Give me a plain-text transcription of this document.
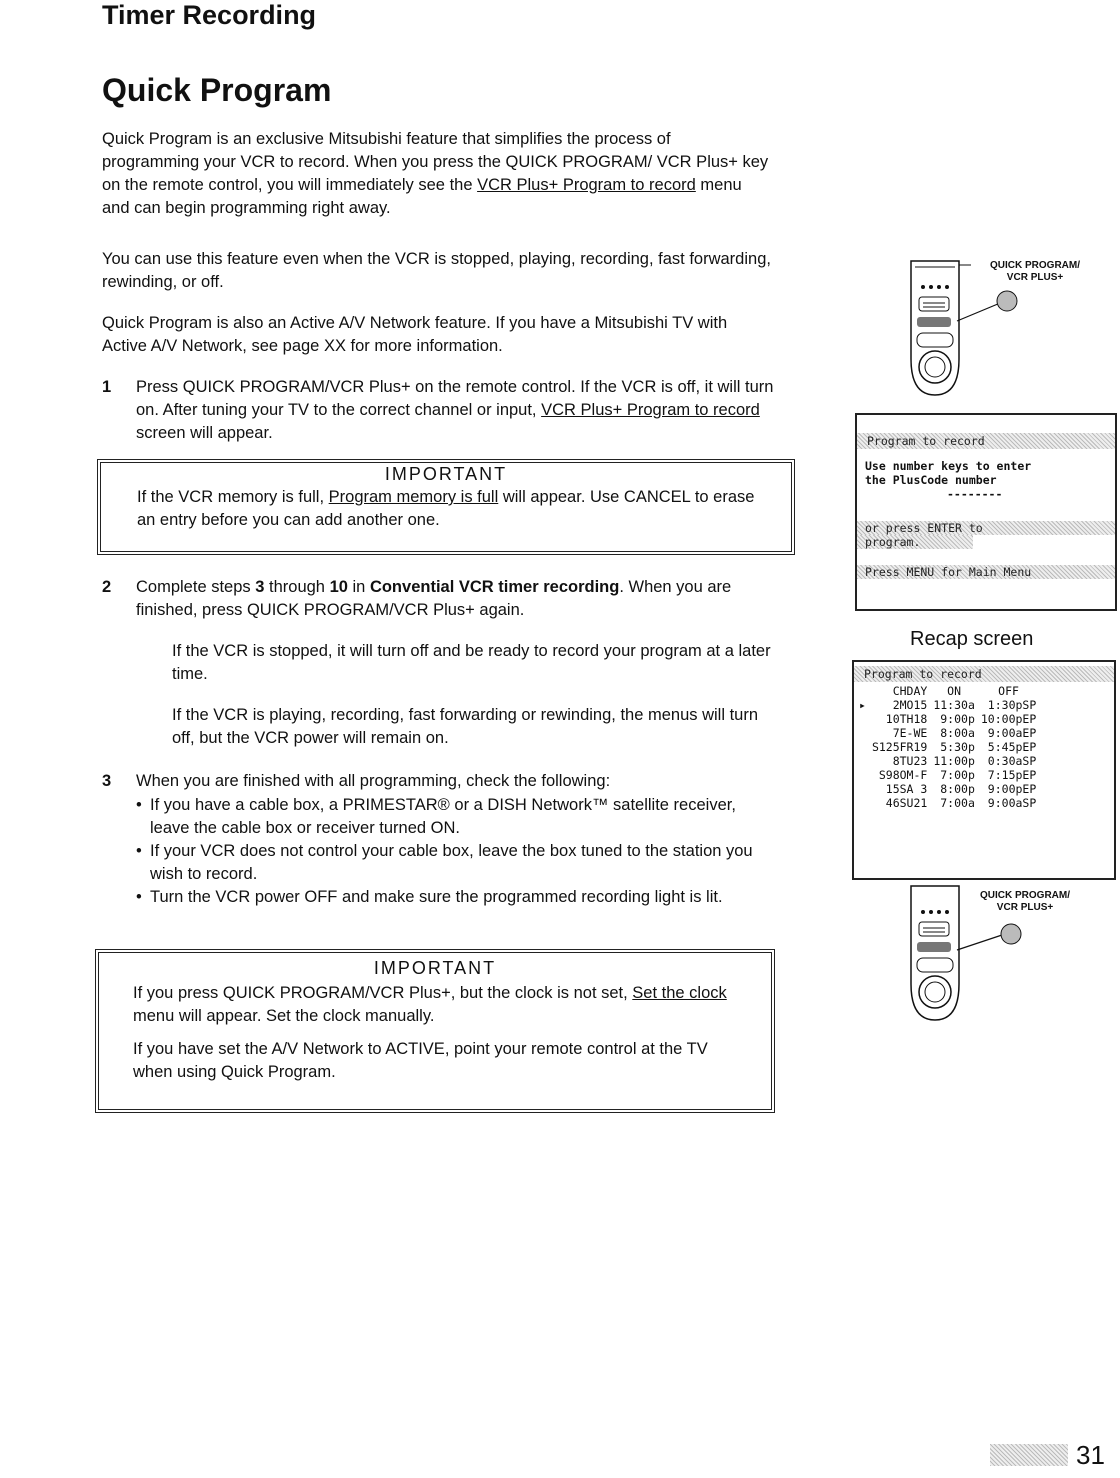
Timer Recording
Quick Program

Quick Program is an exclusive Mitsubishi feature that simplifies the process of programming your VCR to record. When you press the QUICK PROGRAM/ VCR Plus+ key on the remote control, you will immediately see the VCR Plus+ Program to record menu and can begin programming right away.

You can use this feature even when the VCR is stopped, playing, recording, fast forwarding, rewinding, or off.
Quick Program is also an Active A/V Network feature. If you have a Mitsubishi TV with Active A/V Network, see page XX for more information.
1 Press QUICK PROGRAM/VCR Plus+ on the remote control. If the VCR is off, it will turn on. After tuning your TV to the correct channel or input, VCR Plus+ Program to record screen will appear.
IMPORTANT
If the VCR memory is full, Program memory is full will appear. Use CANCEL to erase an entry before you can add another one.
2 Complete steps 3 through 10 in Convential VCR timer recording. When you are finished, press QUICK PROGRAM/VCR Plus+ again.
If the VCR is stopped, it will turn off and be ready to record your program at a later time.
If the VCR is playing, recording, fast forwarding or rewinding, the menus will turn off, but the VCR power will remain on.
3 When you are finished with all programming, check the following:
• If you have a cable box, a PRIMESTAR® or a DISH Network™ satellite receiver, leave the cable box or receiver turned ON.
• If your VCR does not control your cable box, leave the box tuned to the station you wish to record.
• Turn the VCR power OFF and make sure the programmed recording light is lit.
IMPORTANT
If you press QUICK PROGRAM/VCR Plus+, but the clock is not set, Set the clock menu will appear. Set the clock manually.
If you have set the A/V Network to ACTIVE, point your remote control at the TV when using Quick Program.
QUICK PROGRAM/
VCR PLUS+
Program to record
Use number keys to enter
the PlusCode number
--------
or press ENTER to
program.
Press MENU for Main Menu
Recap screen
Program to record
	CHDAY	ON	OFF
▸	2MO15	11:30a	1:30pSP
	10TH18	9:00p	10:00pEP
	7E-WE	8:00a	9:00aEP
	S125FR19	5:30p	5:45pEP
	8TU23	11:00p	0:30aSP
	S98OM-F	7:00p	7:15pEP
	15SA 3	8:00p	9:00pEP
	46SU21	7:00a	9:00aSP
QUICK PROGRAM/
VCR PLUS+
31
